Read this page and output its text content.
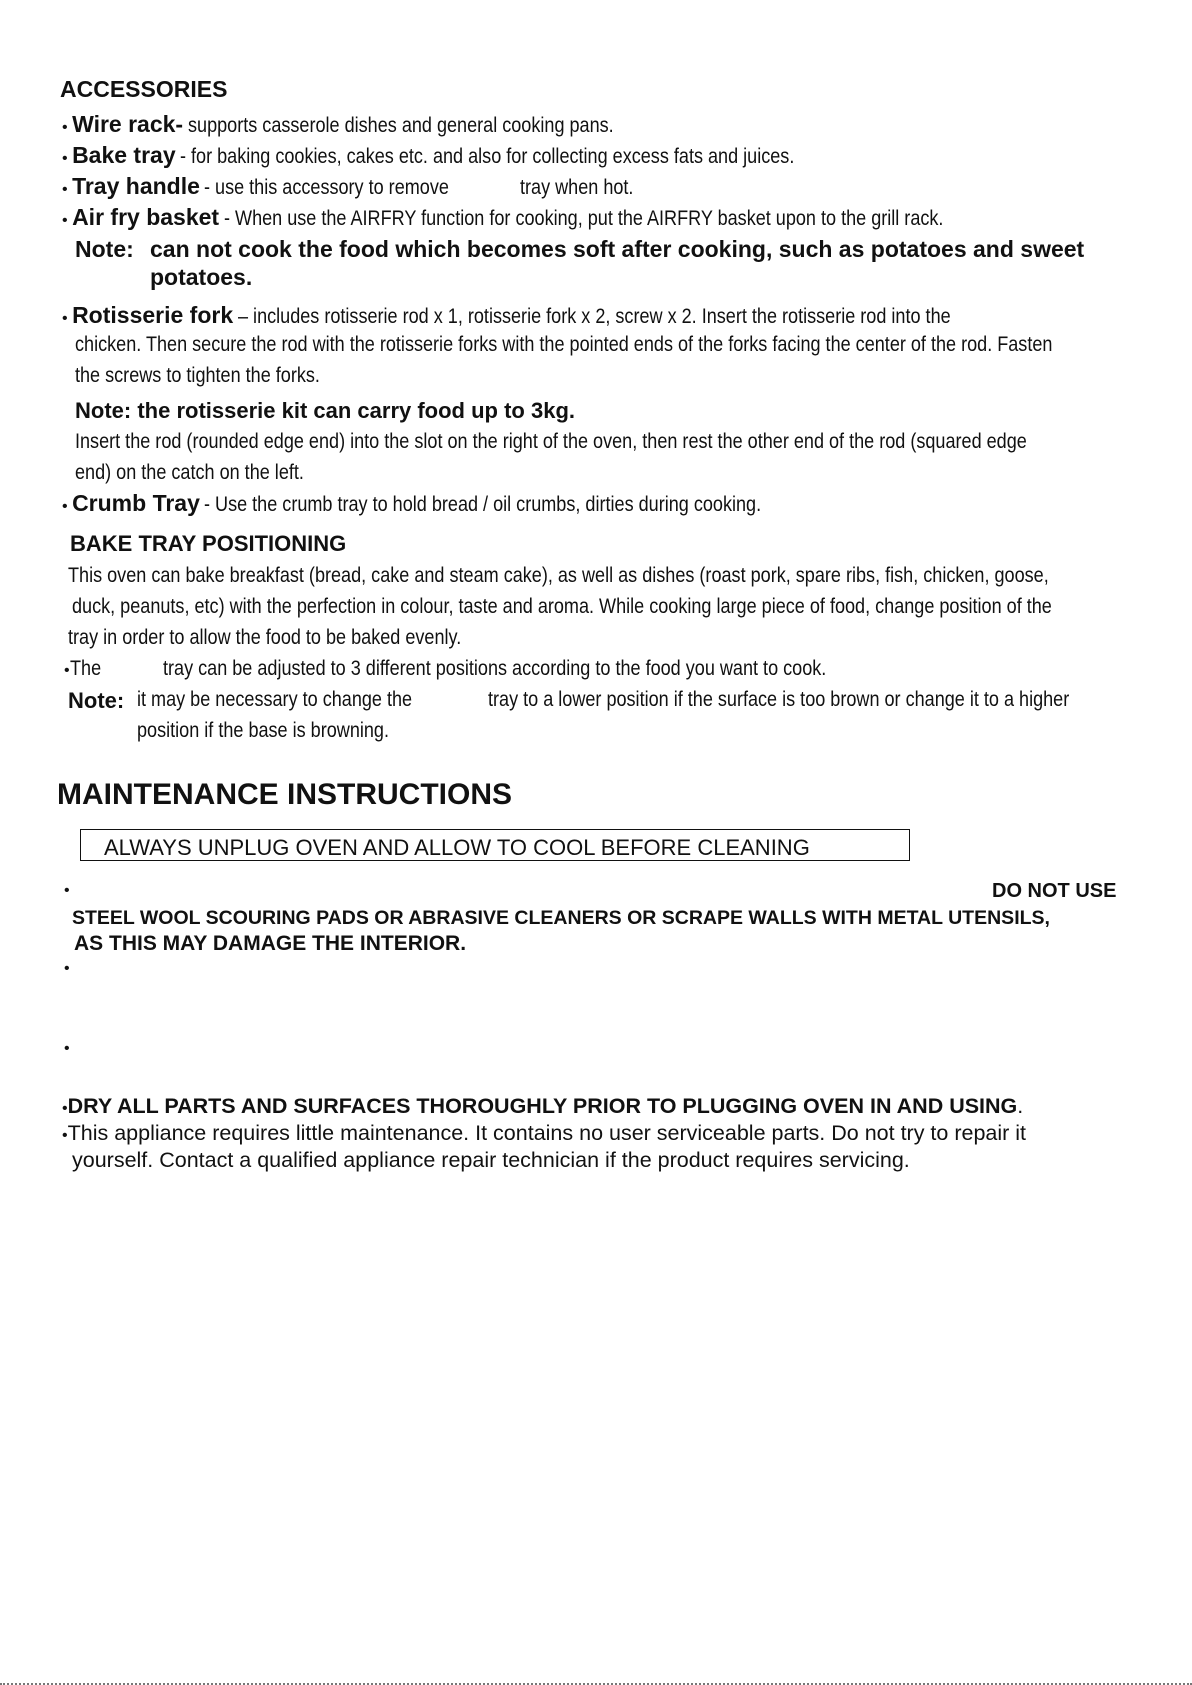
ACCESSORIES
• Wire rack- supports casserole dishes and general cooking pans.
• Bake tray - for baking cookies, cakes etc. and also for collecting excess fats and juices.
• Tray handle - use this accessory to remove	tray when hot.
• Air fry basket - When use the AIRFRY function for cooking, put the AIRFRY basket upon to the grill rack.
Note: can not cook the food which becomes soft after cooking, such as potatoes and sweet
potatoes.
• Rotisserie fork – includes rotisserie rod x 1, rotisserie fork x 2, screw x 2. Insert the rotisserie rod into the
chicken. Then secure the rod with the rotisserie forks with the pointed ends of the forks facing the center of the rod. Fasten
the screws to tighten the forks.
Note: the rotisserie kit can carry food up to 3kg.
Insert the rod (rounded edge end) into the slot on the right of the oven, then rest the other end of the rod (squared edge
end) on the catch on the left.
• Crumb Tray - Use the crumb tray to hold bread / oil crumbs, dirties during cooking.
BAKE TRAY POSITIONING
This oven can bake breakfast (bread, cake and steam cake), as well as dishes (roast pork, spare ribs, fish, chicken, goose,
duck, peanuts, etc) with the perfection in colour, taste and aroma. While cooking large piece of food, change position of the
tray in order to allow the food to be baked evenly.
•The	tray can be adjusted to 3 different positions according to the food you want to cook.
Note: it may be necessary to change the	tray to a lower position if the surface is too brown or change it to a higher
position if the base is browning.
MAINTENANCE INSTRUCTIONS
ALWAYS UNPLUG OVEN AND ALLOW TO COOL BEFORE CLEANING
•	DO NOT USE
STEEL WOOL SCOURING PADS OR ABRASIVE CLEANERS OR SCRAPE WALLS WITH METAL UTENSILS,
AS THIS MAY DAMAGE THE INTERIOR.
•
•
•DRY ALL PARTS AND SURFACES THOROUGHLY PRIOR TO PLUGGING OVEN IN AND USING.
•This appliance requires little maintenance. It contains no user serviceable parts. Do not try to repair it
yourself. Contact a qualified appliance repair technician if the product requires servicing.
